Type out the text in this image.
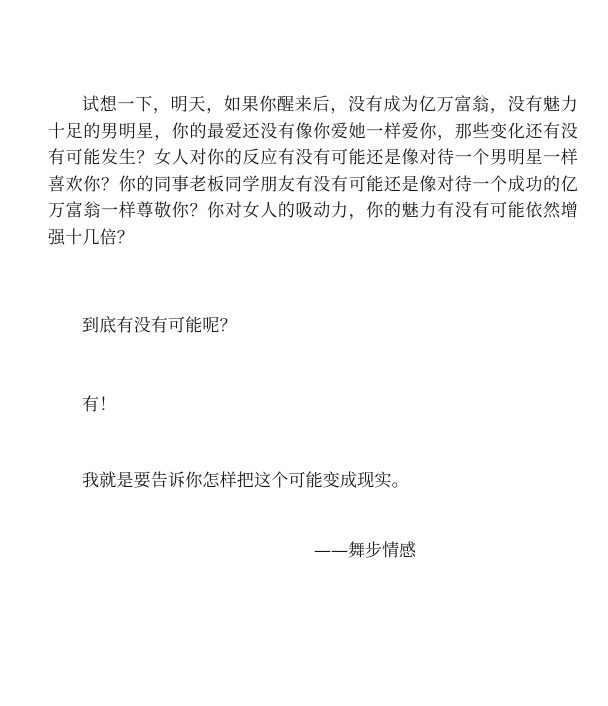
试想一下，明天，如果你醒来后，没有成为亿万富翁，没有魅力十足的男明星，你的最爱还没有像你爱她一样爱你，那些变化还有没有可能发生？女人对你的反应有没有可能还是像对待一个男明星一样喜欢你？你的同事老板同学朋友有没有可能还是像对待一个成功的亿万富翁一样尊敬你？你对女人的吸动力，你的魅力有没有可能依然增强十几倍？

到底有没有可能呢？

有！

我就是要告诉你怎样把这个可能变成现实。

——舞步情感
